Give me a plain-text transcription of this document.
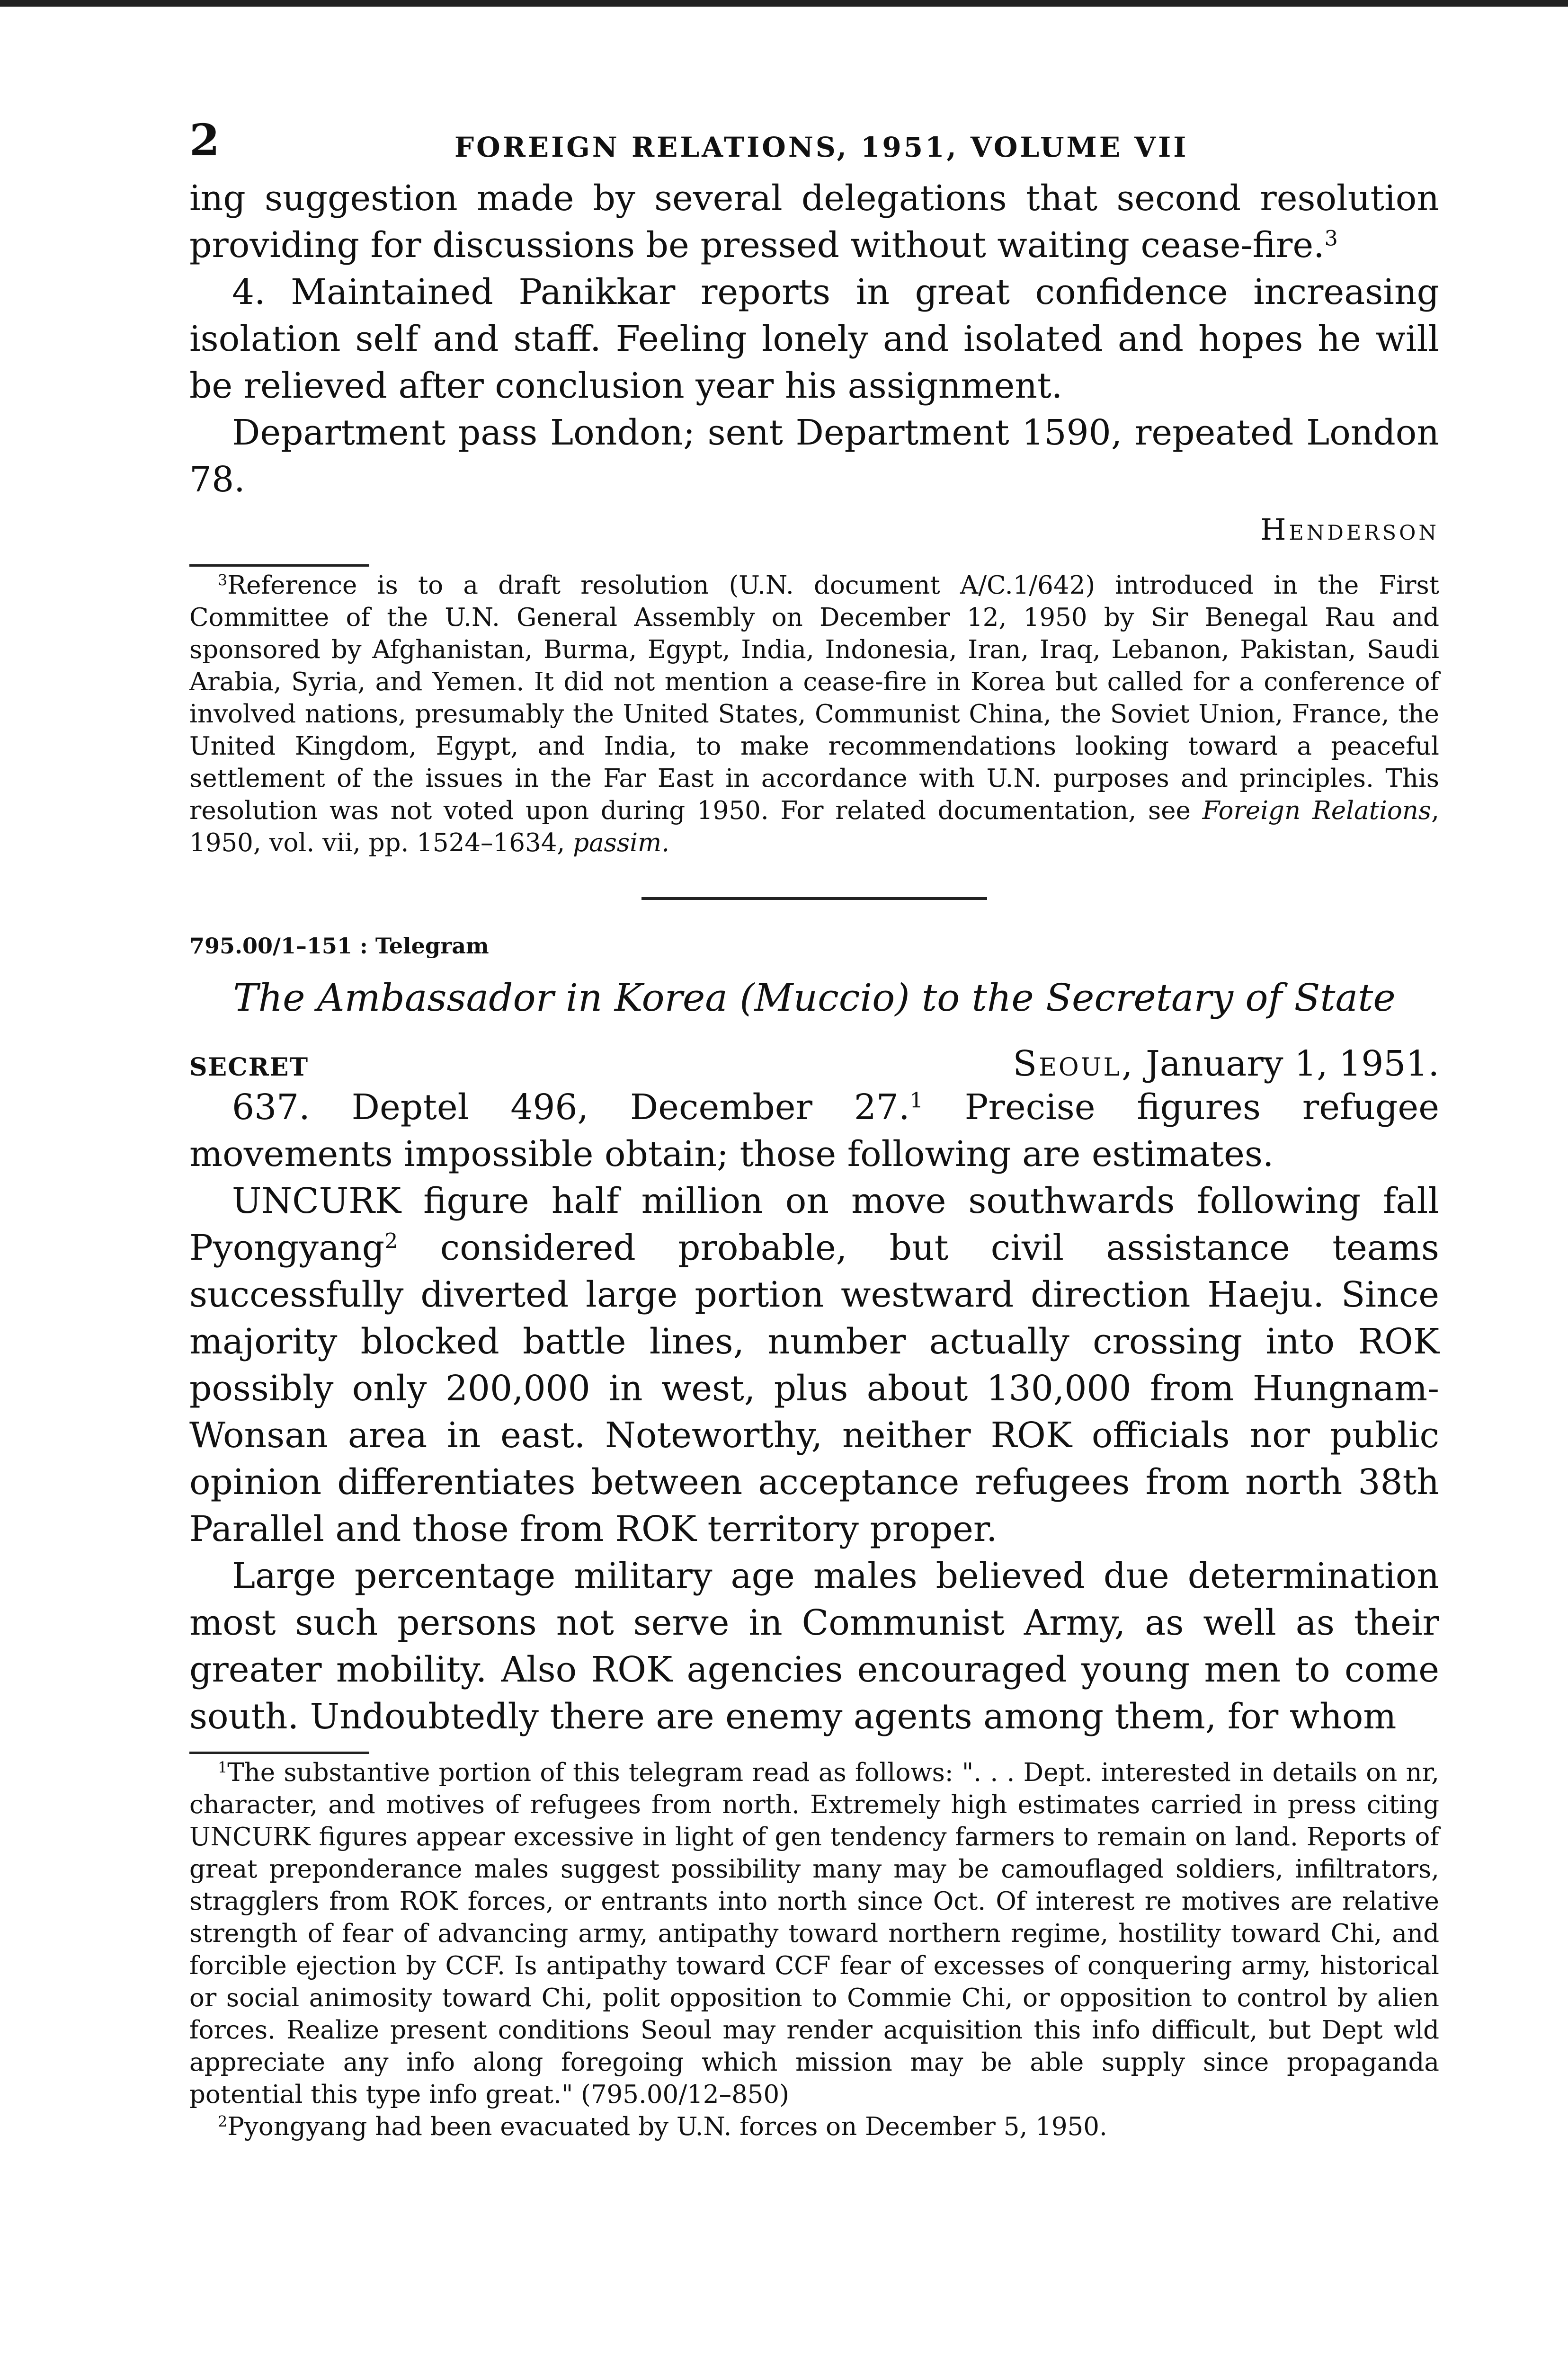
2	FOREIGN RELATIONS, 1951, VOLUME VII

ing suggestion made by several delegations that second resolution providing for discussions be pressed without waiting cease-fire.$^3$

4. Maintained Panikkar reports in great confidence increasing isolation self and staff. Feeling lonely and isolated and hopes he will be relieved after conclusion year his assignment.

Department pass London; sent Department 1590, repeated London 78.

Henderson

$^3$Reference is to a draft resolution (U.N. document A/C.1/642) introduced in the First Committee of the U.N. General Assembly on December 12, 1950 by Sir Benegal Rau and sponsored by Afghanistan, Burma, Egypt, India, Indonesia, Iran, Iraq, Lebanon, Pakistan, Saudi Arabia, Syria, and Yemen. It did not mention a cease-fire in Korea but called for a conference of involved nations, presumably the United States, Communist China, the Soviet Union, France, the United Kingdom, Egypt, and India, to make recommendations looking toward a peaceful settlement of the issues in the Far East in accordance with U.N. purposes and principles. This resolution was not voted upon during 1950. For related documentation, see Foreign Relations, 1950, vol. vii, pp. 1524–1634, passim.

795.00/1–151 : Telegram
The Ambassador in Korea (Muccio) to the Secretary of State
SECRET	Seoul, January 1, 1951.

637. Deptel 496, December 27.$^1$ Precise figures refugee movements impossible obtain; those following are estimates.

UNCURK figure half million on move southwards following fall Pyongyang$^2$ considered probable, but civil assistance teams successfully diverted large portion westward direction Haeju. Since majority blocked battle lines, number actually crossing into ROK possibly only 200,000 in west, plus about 130,000 from Hungnam-Wonsan area in east. Noteworthy, neither ROK officials nor public opinion differentiates between acceptance refugees from north 38th Parallel and those from ROK territory proper.

Large percentage military age males believed due determination most such persons not serve in Communist Army, as well as their greater mobility. Also ROK agencies encouraged young men to come south. Undoubtedly there are enemy agents among them, for whom

$^1$The substantive portion of this telegram read as follows: ". . . Dept. interested in details on nr, character, and motives of refugees from north. Extremely high estimates carried in press citing UNCURK figures appear excessive in light of gen tendency farmers to remain on land. Reports of great preponderance males suggest possibility many may be camouflaged soldiers, infiltrators, stragglers from ROK forces, or entrants into north since Oct. Of interest re motives are relative strength of fear of advancing army, antipathy toward northern regime, hostility toward Chi, and forcible ejection by CCF. Is antipathy toward CCF fear of excesses of conquering army, historical or social animosity toward Chi, polit opposition to Commie Chi, or opposition to control by alien forces. Realize present conditions Seoul may render acquisition this info difficult, but Dept wld appreciate any info along foregoing which mission may be able supply since propaganda potential this type info great." (795.00/12–850)

$^2$Pyongyang had been evacuated by U.N. forces on December 5, 1950.
